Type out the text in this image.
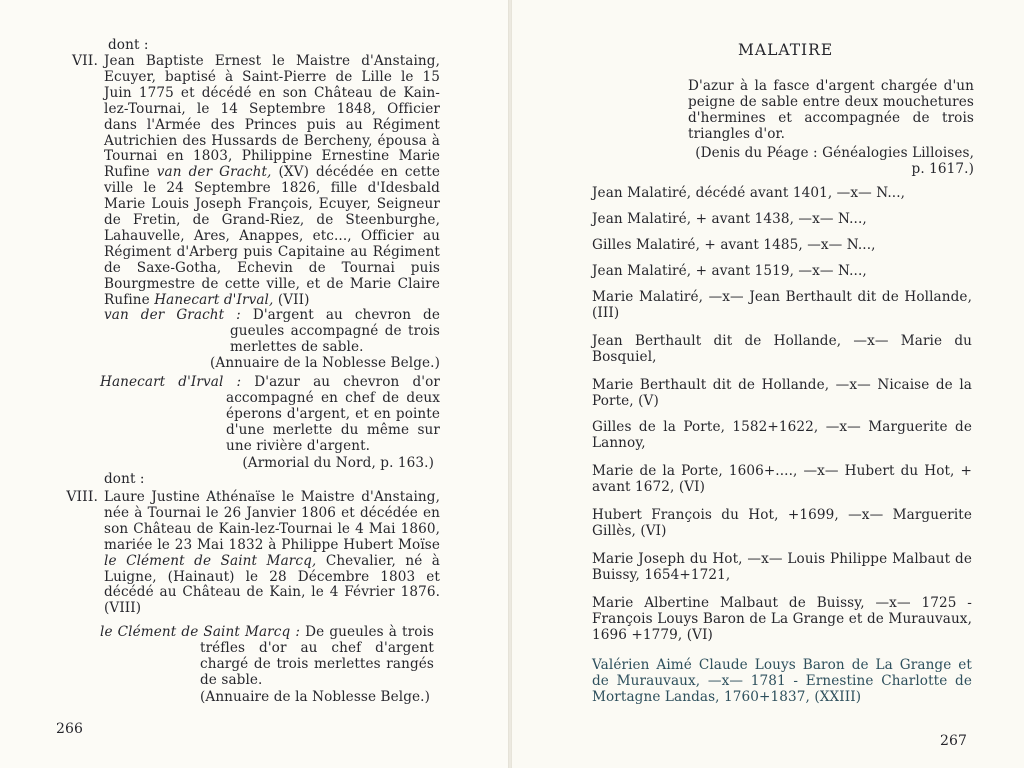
dont :
VII. Jean Baptiste Ernest le Maistre d'Anstaing, Ecuyer, baptisé à Saint-Pierre de Lille le 15 Juin 1775 et décédé en son Château de Kain-lez-Tournai, le 14 Septembre 1848, Officier dans l'Armée des Princes puis au Régiment Autrichien des Hussards de Bercheny, épousa à Tournai en 1803, Philippine Ernestine Marie Rufine van der Gracht, (XV) décédée en cette ville le 24 Septembre 1826, fille d'Idesbald Marie Louis Joseph François, Ecuyer, Seigneur de Fretin, de Grand-Riez, de Steenburghe, Lahauvelle, Ares, Anappes, etc..., Officier au Régiment d'Arberg puis Capitaine au Régiment de Saxe-Gotha, Echevin de Tournai puis Bourgmestre de cette ville, et de Marie Claire Rufine Hanecart d'Irval, (VII)
van der Gracht : D'argent au chevron de gueules accompagné de trois merlettes de sable.
(Annuaire de la Noblesse Belge.)
Hanecart d'Irval : D'azur au chevron d'or accompagné en chef de deux éperons d'argent, et en pointe d'une merlette du même sur une rivière d'argent.
(Armorial du Nord, p. 163.)
dont :
VIII. Laure Justine Athénaïse le Maistre d'Anstaing, née à Tournai le 26 Janvier 1806 et décédée en son Château de Kain-lez-Tournai le 4 Mai 1860, mariée le 23 Mai 1832 à Philippe Hubert Moïse le Clément de Saint Marcq, Chevalier, né à Luigne, (Hainaut) le 28 Décembre 1803 et décédé au Château de Kain, le 4 Février 1876. (VIII)
le Clément de Saint Marcq : De gueules à trois tréfles d'or au chef d'argent chargé de trois merlettes rangés de sable.
(Annuaire de la Noblesse Belge.)
266
MALATIRE
D'azur à la fasce d'argent chargée d'un peigne de sable entre deux mouchetures d'hermines et accompagnée de trois triangles d'or.
(Denis du Péage : Généalogies Lilloises, p. 1617.)
Jean Malatiré, décédé avant 1401, —x— N...,
Jean Malatiré, + avant 1438, —x— N...,
Gilles Malatiré, + avant 1485, —x— N...,
Jean Malatiré, + avant 1519, —x— N...,
Marie Malatiré, —x— Jean Berthault dit de Hollande, (III)
Jean Berthault dit de Hollande, —x— Marie du Bosquiel,
Marie Berthault dit de Hollande, —x— Nicaise de la Porte, (V)
Gilles de la Porte, 1582+1622, —x— Marguerite de Lannoy,
Marie de la Porte, 1606+...., —x— Hubert du Hot, + avant 1672, (VI)
Hubert François du Hot, +1699, —x— Marguerite Gillès, (VI)
Marie Joseph du Hot, —x— Louis Philippe Malbaut de Buissy, 1654+1721,
Marie Albertine Malbaut de Buissy, —x— 1725 - François Louys Baron de La Grange et de Murauvaux, 1696 +1779, (VI)
Valérien Aimé Claude Louys Baron de La Grange et de Murauvaux, —x— 1781 - Ernestine Charlotte de Mortagne Landas, 1760+1837, (XXIII)
267
